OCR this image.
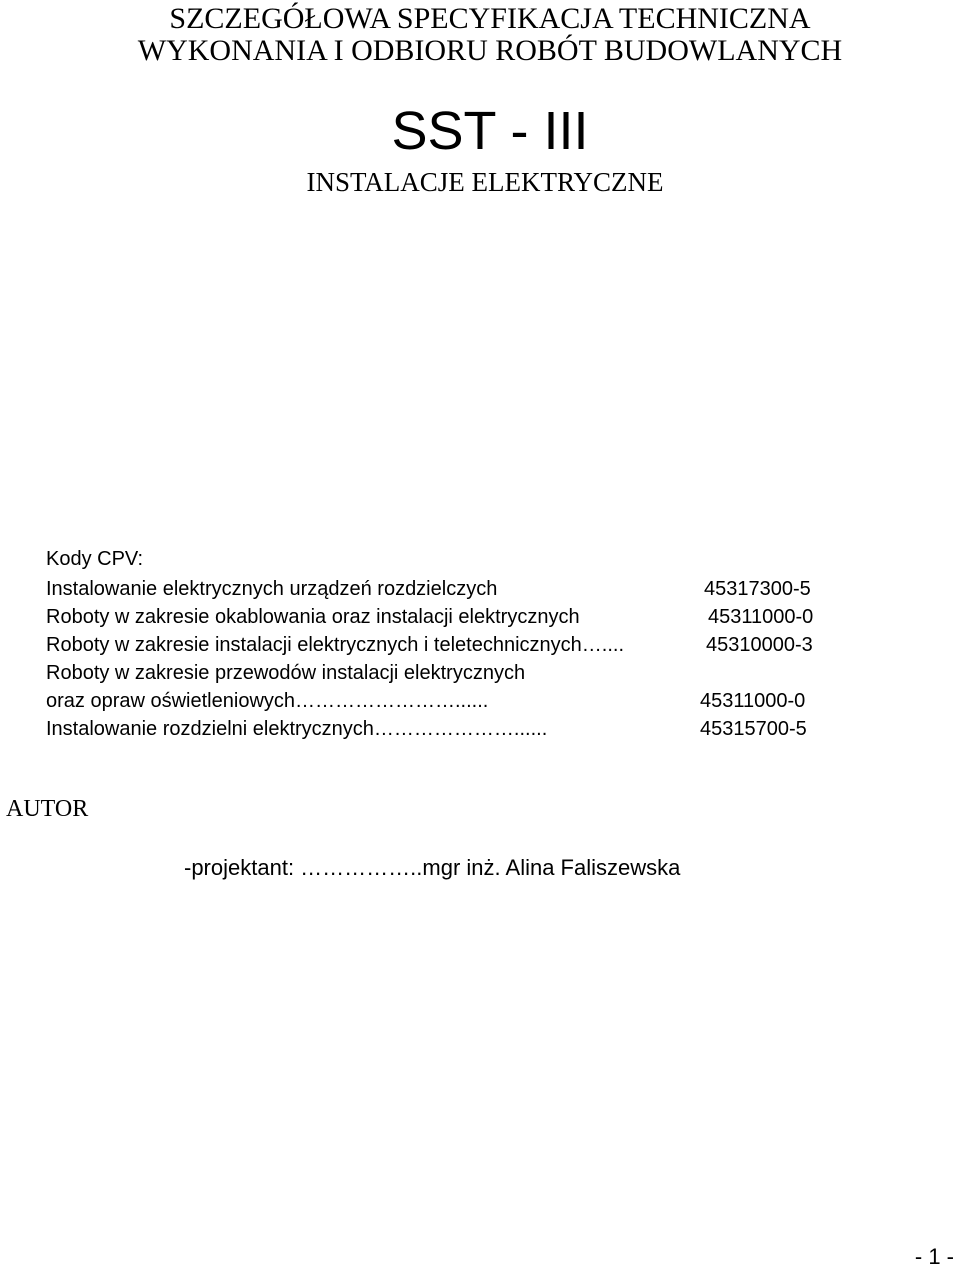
SZCZEGÓŁOWA SPECYFIKACJA TECHNICZNA
WYKONANIA I ODBIORU ROBÓT BUDOWLANYCH
SST - III
INSTALACJE ELEKTRYCZNE
Kody CPV:
Instalowanie elektrycznych urządzeń rozdzielczych	45317300-5
Roboty w zakresie okablowania oraz instalacji elektrycznych	45311000-0
Roboty w zakresie instalacji elektrycznych i teletechnicznych…....	45310000-3
Roboty w zakresie przewodów instalacji elektrycznych
oraz opraw oświetleniowych……………………......	45311000-0
Instalowanie rozdzielni elektrycznych…………………......	45315700-5
AUTOR
-projektant: ……………..mgr inż. Alina Faliszewska
- 1 -
